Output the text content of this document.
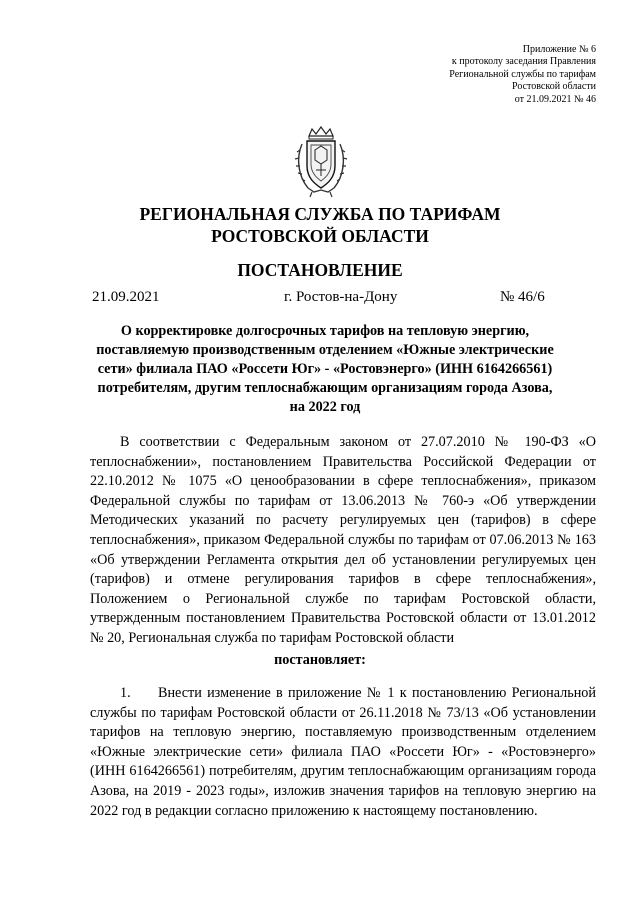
Приложение № 6
к протоколу заседания Правления
Региональной службы по тарифам
Ростовской области
от 21.09.2021 № 46
РЕГИОНАЛЬНАЯ СЛУЖБА ПО ТАРИФАМ
РОСТОВСКОЙ ОБЛАСТИ
ПОСТАНОВЛЕНИЕ
21.09.2021	г. Ростов-на-Дону	№ 46/6
О корректировке долгосрочных тарифов на тепловую энергию, поставляемую производственным отделением «Южные электрические сети» филиала ПАО «Россети Юг» - «Ростовэнерго» (ИНН 6164266561) потребителям, другим теплоснабжающим организациям города Азова, на 2022 год
В соответствии с Федеральным законом от 27.07.2010 № 190-ФЗ «О теплоснабжении», постановлением Правительства Российской Федерации от 22.10.2012 № 1075 «О ценообразовании в сфере теплоснабжения», приказом Федеральной службы по тарифам от 13.06.2013 № 760-э «Об утверждении Методических указаний по расчету регулируемых цен (тарифов) в сфере теплоснабжения», приказом Федеральной службы по тарифам от 07.06.2013 № 163 «Об утверждении Регламента открытия дел об установлении регулируемых цен (тарифов) и отмене регулирования тарифов в сфере теплоснабжения», Положением о Региональной службе по тарифам Ростовской области, утвержденным постановлением Правительства Ростовской области от 13.01.2012 № 20, Региональная служба по тарифам Ростовской области
постановляет:
1. Внести изменение в приложение № 1 к постановлению Региональной службы по тарифам Ростовской области от 26.11.2018 № 73/13 «Об установлении тарифов на тепловую энергию, поставляемую производственным отделением «Южные электрические сети» филиала ПАО «Россети Юг» - «Ростовэнерго» (ИНН 6164266561) потребителям, другим теплоснабжающим организациям города Азова, на 2019 - 2023 годы», изложив значения тарифов на тепловую энергию на 2022 год в редакции согласно приложению к настоящему постановлению.
